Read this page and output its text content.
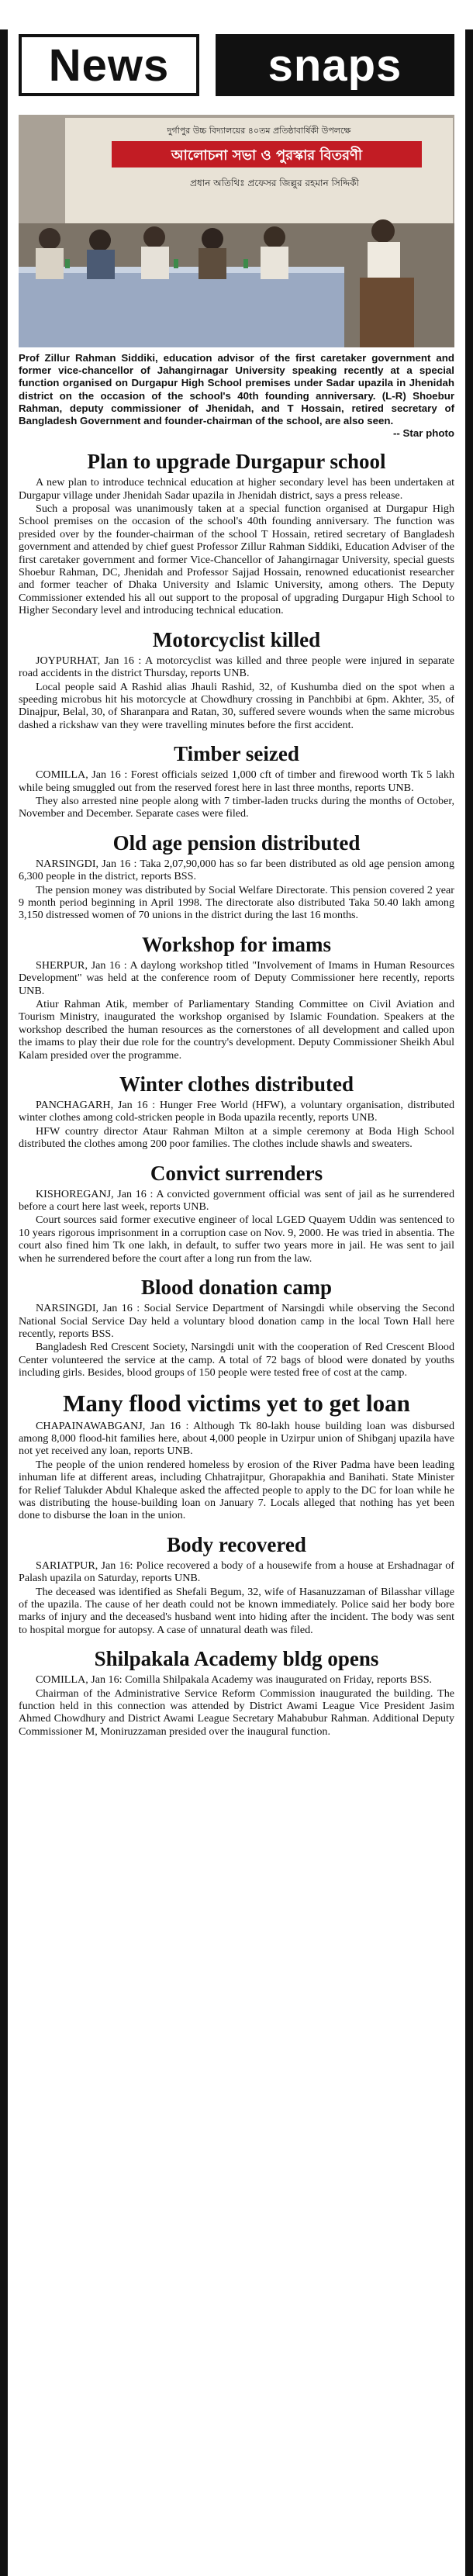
News	snaps
দুর্গাপুর উচ্চ বিদ্যালয়ের ৪০তম প্রতিষ্ঠাবার্ষিকী উপলক্ষে
আলোচনা সভা ও পুরস্কার বিতরণী
প্রধান অতিথিঃ প্রফেসর জিল্লুর রহমান সিদ্দিকী
Prof Zillur Rahman Siddiki, education advisor of the first caretaker government and former vice-chancellor of Jahangirnagar University speaking recently at a special function organised on Durgapur High School premises under Sadar upazila in Jhenidah district on the occasion of the school's 40th founding anniversary. (L-R) Shoebur Rahman, deputy commissioner of Jhenidah, and T Hossain, retired secretary of Bangladesh Government and founder-chairman of the school, are also seen.
-- Star photo
Plan to upgrade Durgapur school

A new plan to introduce technical education at higher secondary level has been undertaken at Durgapur village under Jhenidah Sadar upazila in Jhenidah district, says a press release.

Such a proposal was unanimously taken at a special function organised at Durgapur High School premises on the occasion of the school's 40th founding anniversary. The function was presided over by the founder-chairman of the school T Hossain, retired secretary of Bangladesh government and attended by chief guest Professor Zillur Rahman Siddiki, Education Adviser of the first caretaker government and former Vice-Chancellor of Jahangirnagar University, special guests Shoebur Rahman, DC, Jhenidah and Professor Sajjad Hossain, renowned educationist researcher and former teacher of Dhaka University and Islamic University, among others. The Deputy Commissioner extended his all out support to the proposal of upgrading Durgapur High School to Higher Secondary level and introducing technical education.

Motorcyclist killed

JOYPURHAT, Jan 16 : A motorcyclist was killed and three people were injured in separate road accidents in the district Thursday, reports UNB.

Local people said A Rashid alias Jhauli Rashid, 32, of Kushumba died on the spot when a speeding microbus hit his motorcycle at Chowdhury crossing in Panchbibi at 6pm. Akhter, 35, of Dinajpur, Belal, 30, of Sharanpara and Ratan, 30, suffered severe wounds when the same microbus dashed a rickshaw van they were travelling minutes before the first accident.

Timber seized

COMILLA, Jan 16 : Forest officials seized 1,000 cft of timber and firewood worth Tk 5 lakh while being smuggled out from the reserved forest here in last three months, reports UNB.

They also arrested nine people along with 7 timber-laden trucks during the months of October, November and December. Separate cases were filed.

Old age pension distributed

NARSINGDI, Jan 16 : Taka 2,07,90,000 has so far been distributed as old age pension among 6,300 people in the district, reports BSS.

The pension money was distributed by Social Welfare Directorate. This pension covered 2 year 9 month period beginning in April 1998. The directorate also distributed Taka 50.40 lakh among 3,150 distressed women of 70 unions in the district during the last 16 months.

Workshop for imams

SHERPUR, Jan 16 : A daylong workshop titled "Involvement of Imams in Human Resources Development" was held at the conference room of Deputy Commissioner here recently, reports UNB.

Atiur Rahman Atik, member of Parliamentary Standing Committee on Civil Aviation and Tourism Ministry, inaugurated the workshop organised by Islamic Foundation. Speakers at the workshop described the human resources as the cornerstones of all development and called upon the imams to play their due role for the country's development. Deputy Commissioner Sheikh Abul Kalam presided over the programme.

Winter clothes distributed

PANCHAGARH, Jan 16 : Hunger Free World (HFW), a voluntary organisation, distributed winter clothes among cold-stricken people in Boda upazila recently, reports UNB.

HFW country director Ataur Rahman Milton at a simple ceremony at Boda High School distributed the clothes among 200 poor families. The clothes include shawls and sweaters.

Convict surrenders

KISHOREGANJ, Jan 16 : A convicted government official was sent of jail as he surrendered before a court here last week, reports UNB.

Court sources said former executive engineer of local LGED Quayem Uddin was sentenced to 10 years rigorous imprisonment in a corruption case on Nov. 9, 2000. He was tried in absentia. The court also fined him Tk one lakh, in default, to suffer two years more in jail. He was sent to jail when he surrendered before the court after a long run from the law.

Blood donation camp

NARSINGDI, Jan 16 : Social Service Department of Narsingdi while observing the Second National Social Service Day held a voluntary blood donation camp in the local Town Hall here recently, reports BSS.

Bangladesh Red Crescent Society, Narsingdi unit with the cooperation of Red Crescent Blood Center volunteered the service at the camp. A total of 72 bags of blood were donated by youths including girls. Besides, blood groups of 150 people were tested free of cost at the camp.

Many flood victims yet to get loan

CHAPAINAWABGANJ, Jan 16 : Although Tk 80-lakh house building loan was disbursed among 8,000 flood-hit families here, about 4,000 people in Uzirpur union of Shibganj upazila have not yet received any loan, reports UNB.

The people of the union rendered homeless by erosion of the River Padma have been leading inhuman life at different areas, including Chhatrajitpur, Ghorapakhia and Banihati. State Minister for Relief Talukder Abdul Khaleque asked the affected people to apply to the DC for loan while he was distributing the house-building loan on January 7. Locals alleged that nothing has yet been done to disburse the loan in the union.

Body recovered

SARIATPUR, Jan 16: Police recovered a body of a housewife from a house at Ershadnagar of Palash upazila on Saturday, reports UNB.

The deceased was identified as Shefali Begum, 32, wife of Hasanuzzaman of Bilasshar village of the upazila. The cause of her death could not be known immediately. Police said her body bore marks of injury and the deceased's husband went into hiding after the incident. The body was sent to hospital morgue for autopsy. A case of unnatural death was filed.

Shilpakala Academy bldg opens

COMILLA, Jan 16: Comilla Shilpakala Academy was inaugurated on Friday, reports BSS.

Chairman of the Administrative Service Reform Commission inaugurated the building. The function held in this connection was attended by District Awami League Vice President Jasim Ahmed Chowdhury and District Awami League Secretary Mahabubur Rahman. Additional Deputy Commissioner M, Moniruzzaman presided over the inaugural function.
